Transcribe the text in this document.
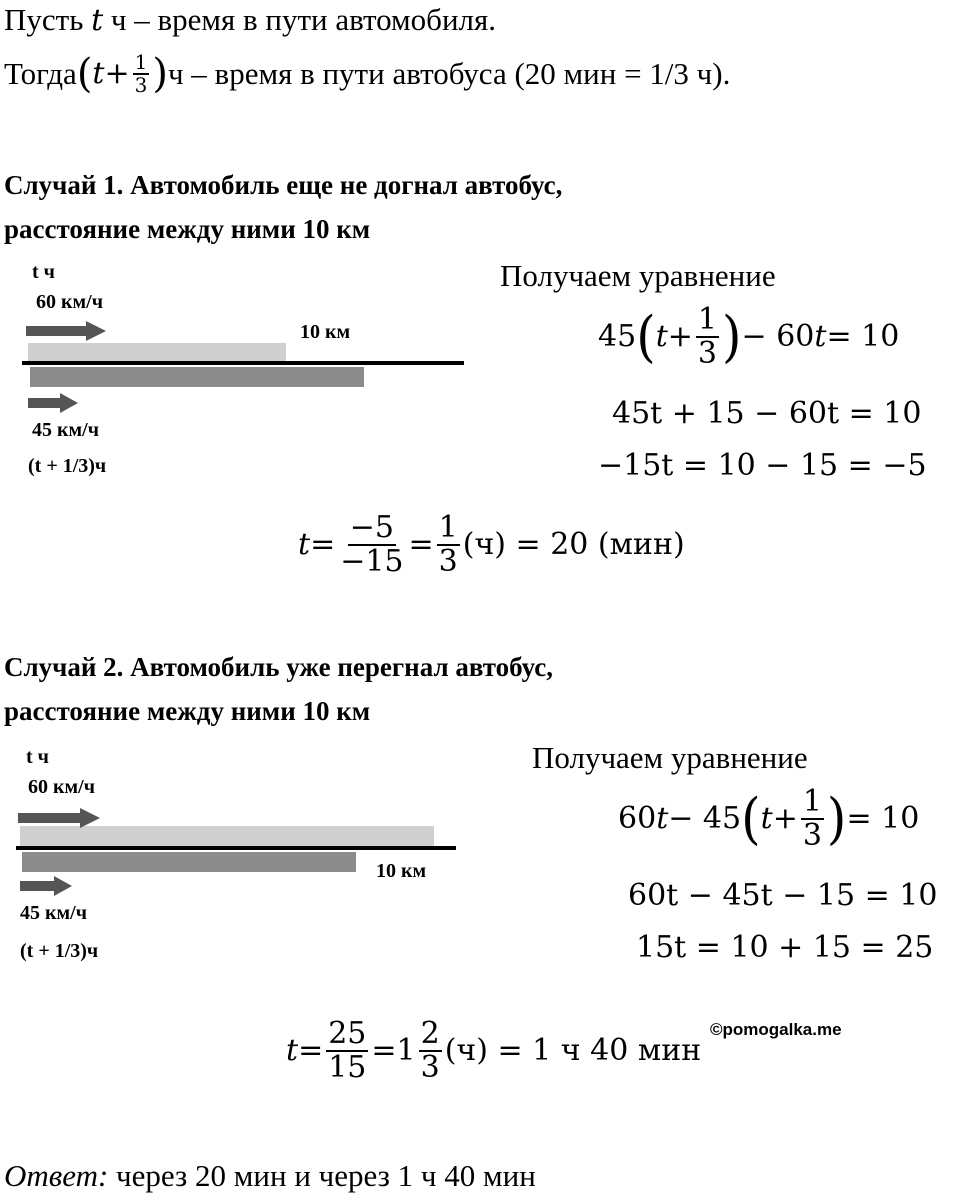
Пусть t ч – время в пути автомобиля.
Тогда ( $t + \frac{1}{3}$ ) ч – время в пути автобуса (20 мин = 1/3 ч).
Случай 1. Автомобиль еще не догнал автобус,
расстояние между ними 10 км
t ч
60 км/ч
10 км
45 км/ч
(t + 1/3)ч
Получаем уравнение
45 ( $t + \frac{1}{3}$ ) − 60 t = 10
45t + 15 − 60t = 10
−15t = 10 − 15 = −5
$t = \frac{-5}{-15} = \frac{1}{3} (ч) = 20$ (мин)
Случай 2. Автомобиль уже перегнал автобус,
расстояние между ними 10 км
t ч
60 км/ч
10 км
45 км/ч
(t + 1/3)ч
Получаем уравнение
60 t − 45 ( $t + \frac{1}{3}$ ) = 10
60t − 45t − 15 = 10
15t = 10 + 15 = 25
©pomogalka.me
$t = \frac{25}{15} = 1 \frac{2}{3} (ч) = 1$ ч 40 мин
Ответ: через 20 мин и через 1 ч 40 мин
